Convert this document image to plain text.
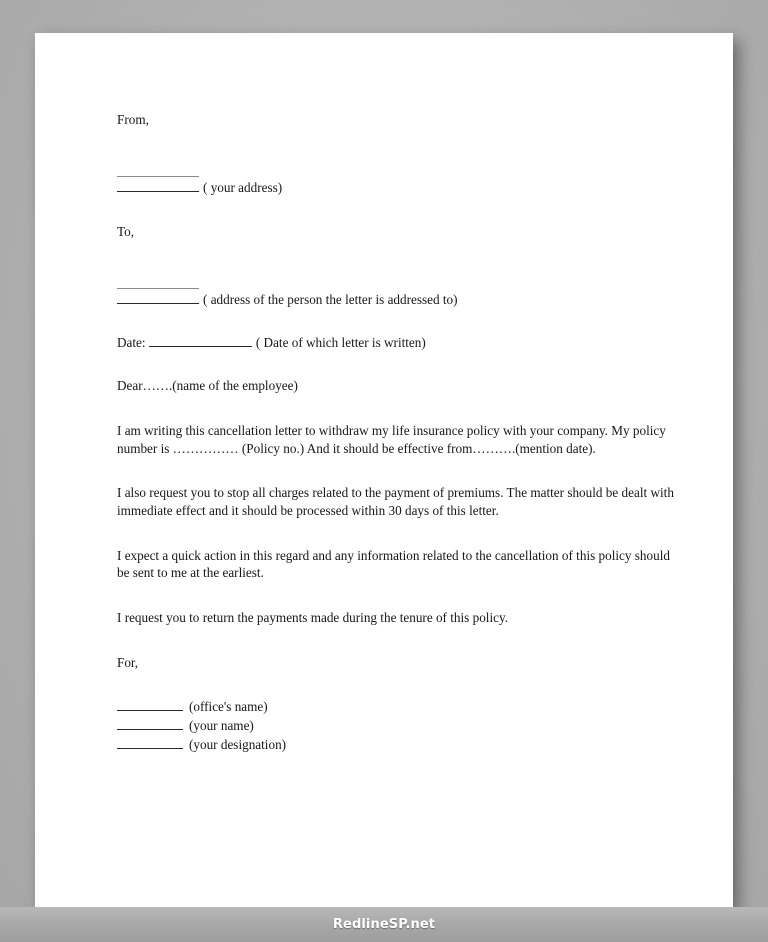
From,

( your address)

To,

( address of the person the letter is addressed to)
Date:	( Date of which letter is written)

Dear…….(name of the employee)

I am writing this cancellation letter to withdraw my life insurance policy with your company. My policy number is …………… (Policy no.) And it should be effective from……….(mention date).

I also request you to stop all charges related to the payment of premiums. The matter should be dealt with immediate effect and it should be processed within 30 days of this letter.

I expect a quick action in this regard and any information related to the cancellation of this policy should be sent to me at the earliest.

I request you to return the payments made during the tenure of this policy.

For,

(office's name)
(your name)
(your designation)
RedlineSP.net
